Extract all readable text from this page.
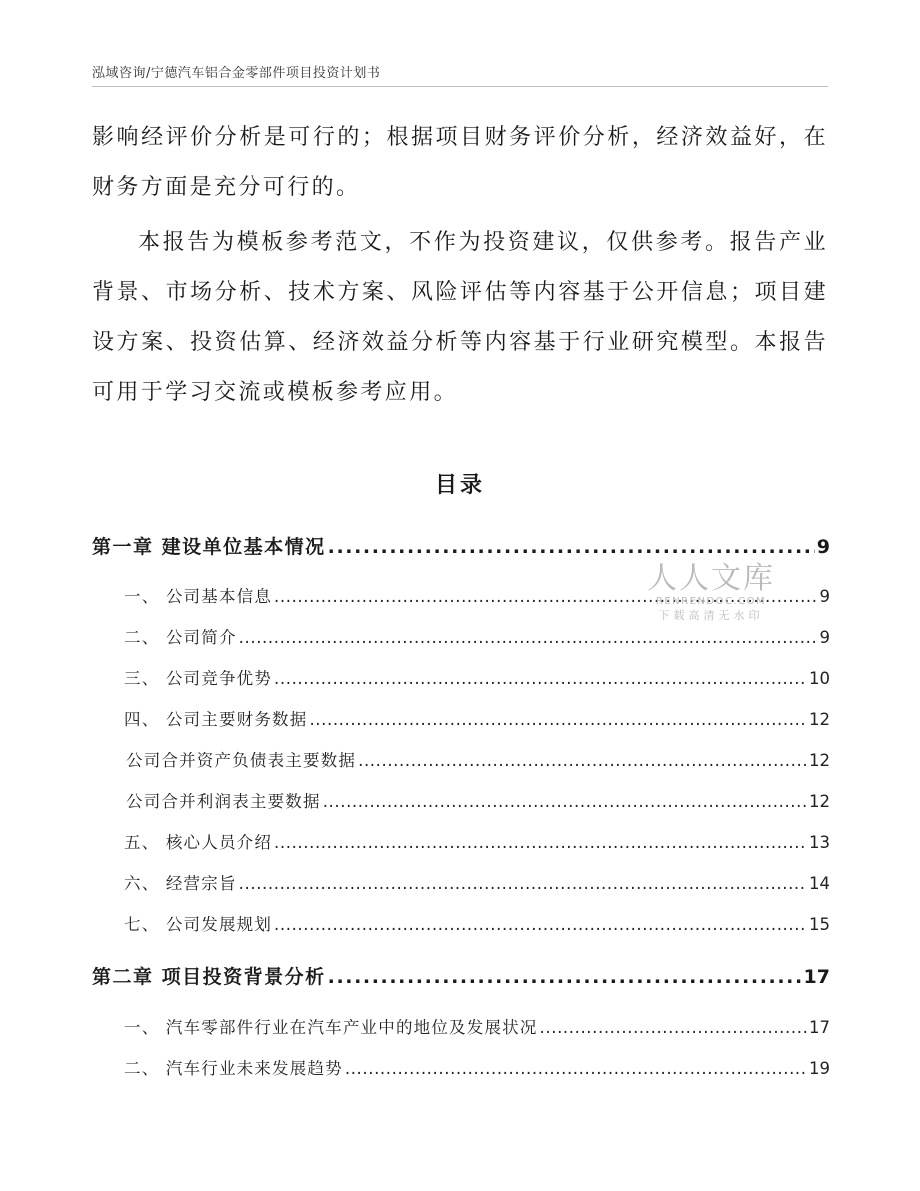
泓域咨询/宁德汽车铝合金零部件项目投资计划书
影响经评价分析是可行的；根据项目财务评价分析，经济效益好，在财务方面是充分可行的。
本报告为模板参考范文，不作为投资建议，仅供参考。报告产业背景、市场分析、技术方案、风险评估等内容基于公开信息；项目建设方案、投资估算、经济效益分析等内容基于行业研究模型。本报告可用于学习交流或模板参考应用。
目录
第一章 建设单位基本情况 .....	9
一、 公司基本信息 .....	9
二、 公司简介 .....	9
三、 公司竞争优势 .....	10
四、 公司主要财务数据 .....	12
公司合并资产负债表主要数据 .....	12
公司合并利润表主要数据 .....	12
五、 核心人员介绍 .....	13
六、 经营宗旨 .....	14
七、 公司发展规划 .....	15
第二章 项目投资背景分析 .....	17
一、 汽车零部件行业在汽车产业中的地位及发展状况 .....	17
二、 汽车行业未来发展趋势 .....	19
人人文库
RENRENDOC.COM
下载高清无水印
